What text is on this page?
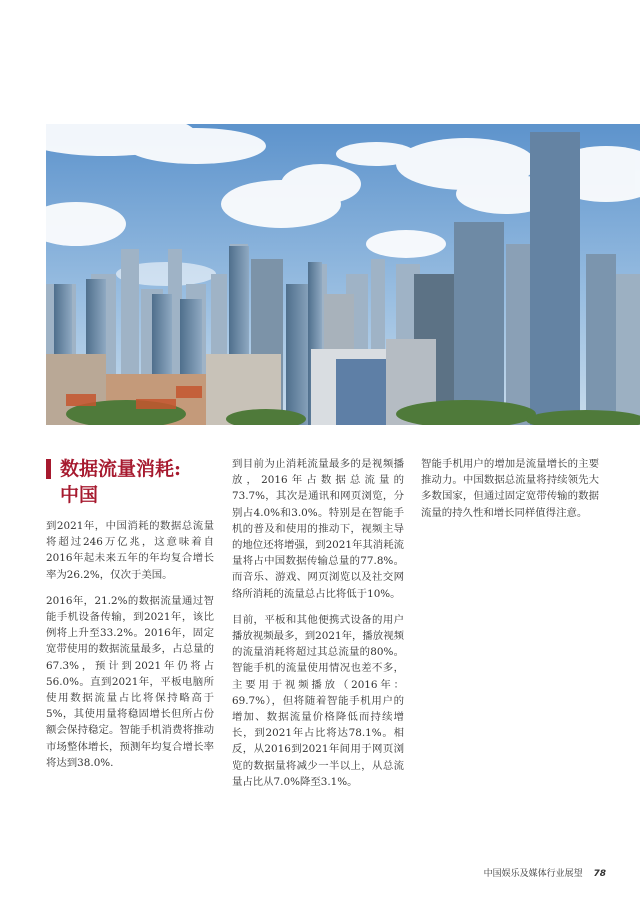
数据流量消耗:
中国

到2021年，中国消耗的数据总流量将超过246万亿兆，这意味着自2016年起未来五年的年均复合增长率为26.2%，仅次于美国。

2016年，21.2%的数据流量通过智能手机设备传输，到2021年，该比例将上升至33.2%。2016年，固定宽带使用的数据流量最多，占总量的67.3%，预计到2021年仍将占56.0%。直到2021年，平板电脑所使用数据流量占比将保持略高于5%，其使用量将稳固增长但所占份额会保持稳定。智能手机消费将推动市场整体增长，预测年均复合增长率将达到38.0%.

到目前为止消耗流量最多的是视频播放，2016年占数据总流量的73.7%，其次是通讯和网页浏览，分别占4.0%和3.0%。特别是在智能手机的普及和使用的推动下，视频主导的地位还将增强，到2021年其消耗流量将占中国数据传输总量的77.8%。而音乐、游戏、网页浏览以及社交网络所消耗的流量总占比将低于10%。

目前，平板和其他便携式设备的用户播放视频最多，到2021年，播放视频的流量消耗将超过其总流量的80%。智能手机的流量使用情况也差不多，主要用于视频播放（2016年：69.7%），但将随着智能手机用户的增加、数据流量价格降低而持续增长，到2021年占比将达78.1%。相反，从2016到2021年间用于网页浏览的数据量将减少一半以上，从总流量占比从7.0%降至3.1%。

智能手机用户的增加是流量增长的主要推动力。中国数据总流量将持续领先大多数国家，但通过固定宽带传输的数据流量的持久性和增长同样值得注意。

中国娱乐及媒体行业展望 78
